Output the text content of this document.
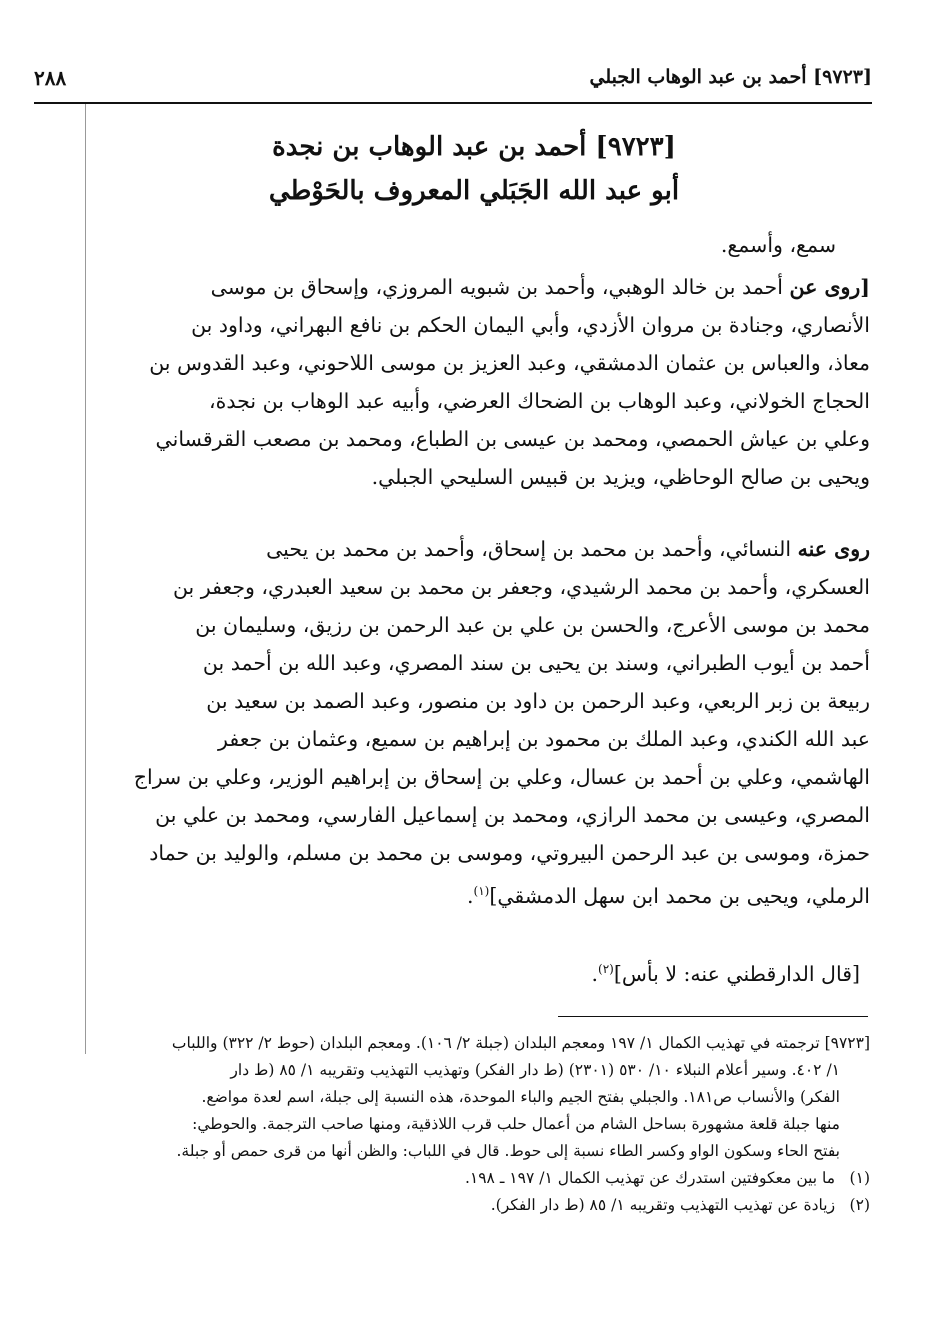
[٩٧٢٣] أحمد بن عبد الوهاب الجبلي
٢٨٨
[٩٧٢٣] أحمد بن عبد الوهاب بن نجدة
أبو عبد الله الجَبَلي المعروف بالحَوْطي
سمع، وأسمع.
[روى عن أحمد بن خالد الوهبي، وأحمد بن شبويه المروزي، وإسحاق بن موسى
الأنصاري، وجنادة بن مروان الأزدي، وأبي اليمان الحكم بن نافع البهراني، وداود بن
معاذ، والعباس بن عثمان الدمشقي، وعبد العزيز بن موسى اللاحوني، وعبد القدوس بن
الحجاج الخولاني، وعبد الوهاب بن الضحاك العرضي، وأبيه عبد الوهاب بن نجدة،
وعلي بن عياش الحمصي، ومحمد بن عيسى بن الطباع، ومحمد بن مصعب القرقساني
ويحيى بن صالح الوحاظي، ويزيد بن قبيس السليحي الجبلي.
روى عنه النسائي، وأحمد بن محمد بن إسحاق، وأحمد بن محمد بن يحيى
العسكري، وأحمد بن محمد الرشيدي، وجعفر بن محمد بن سعيد العبدري، وجعفر بن
محمد بن موسى الأعرج، والحسن بن علي بن عبد الرحمن بن رزيق، وسليمان بن
أحمد بن أيوب الطبراني، وسند بن يحيى بن سند المصري، وعبد الله بن أحمد بن
ربيعة بن زبر الربعي، وعبد الرحمن بن داود بن منصور، وعبد الصمد بن سعيد بن
عبد الله الكندي، وعبد الملك بن محمود بن إبراهيم بن سميع، وعثمان بن جعفر
الهاشمي، وعلي بن أحمد بن عسال، وعلي بن إسحاق بن إبراهيم الوزير، وعلي بن سراج
المصري، وعيسى بن محمد الرازي، ومحمد بن إسماعيل الفارسي، ومحمد بن علي بن
حمزة، وموسى بن عبد الرحمن البيروتي، وموسى بن محمد بن مسلم، والوليد بن حماد
الرملي، ويحيى بن محمد ابن سهل الدمشقي]$^{(١)}$.
[قال الدارقطني عنه: لا بأس]$^{(٢)}$.
[٩٧٢٣] ترجمته في تهذيب الكمال ١/ ١٩٧ ومعجم البلدان (جبلة ٢/ ١٠٦). ومعجم البلدان (حوط ٢/ ٣٢٢) واللباب
١/ ٤٠٢. وسير أعلام النبلاء ١٠/ ٥٣٠ (٢٣٠١) (ط دار الفكر) وتهذيب التهذيب وتقريبه ١/ ٨٥ (ط دار
الفكر) والأنساب ص١٨١. والجبلي بفتح الجيم والباء الموحدة، هذه النسبة إلى جبلة، اسم لعدة مواضع.
منها جبلة قلعة مشهورة بساحل الشام من أعمال حلب قرب اللاذقية، ومنها صاحب الترجمة. والحوطي:
بفتح الحاء وسكون الواو وكسر الطاء نسبة إلى حوط. قال في اللباب: والظن أنها من قرى حمص أو جبلة.
(١) ما بين معكوفتين استدرك عن تهذيب الكمال ١/ ١٩٧ ـ ١٩٨.
(٢) زيادة عن تهذيب التهذيب وتقريبه ١/ ٨٥ (ط دار الفكر).
